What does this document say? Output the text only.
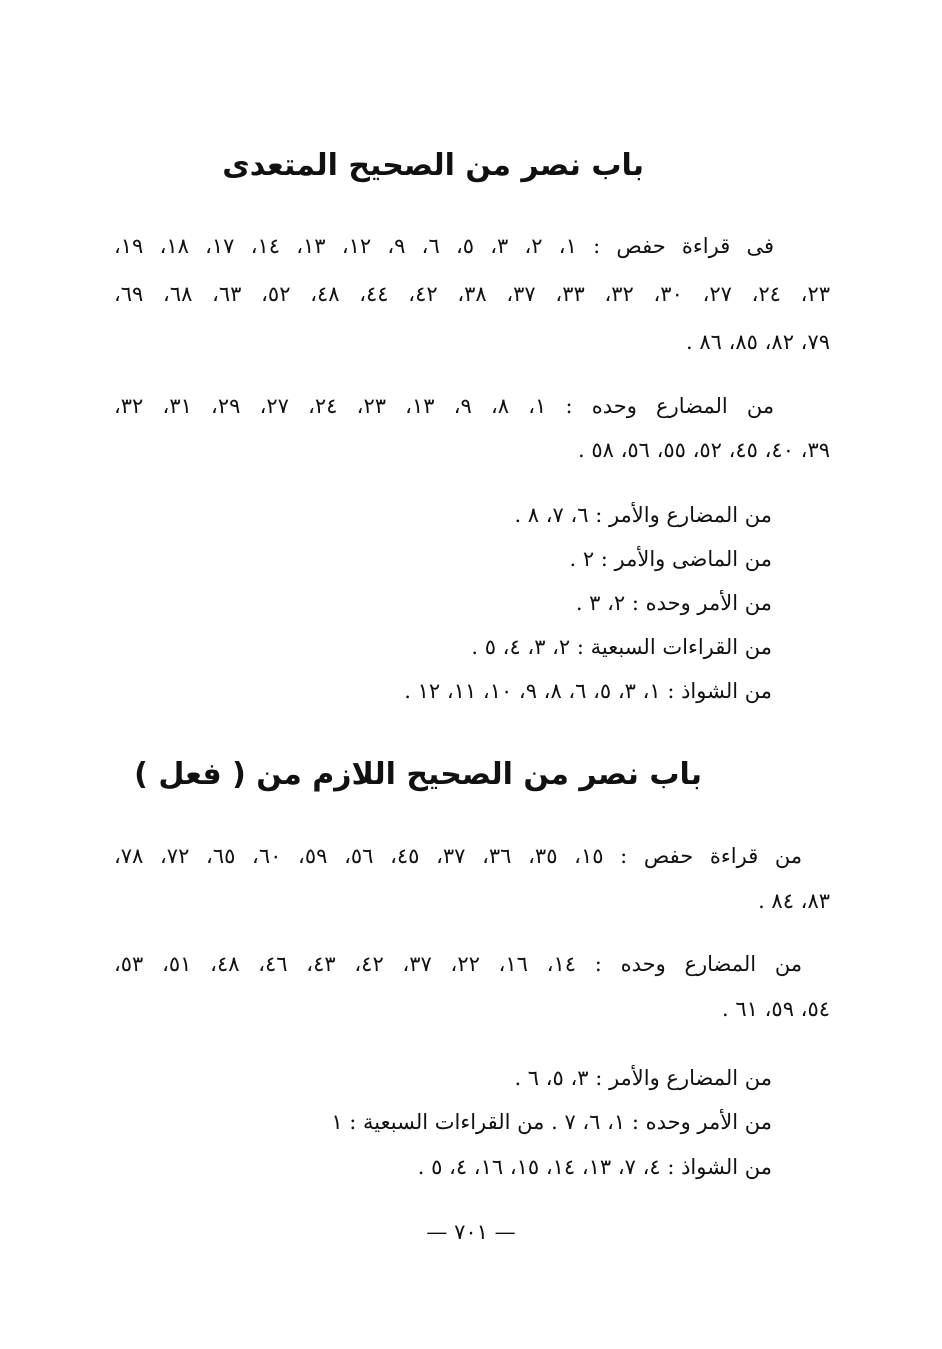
باب نصر من الصحيح المتعدى
فى قراءة حفص : ١، ٢، ٣، ٥، ٦، ٩، ١٢، ١٣، ١٤، ١٧، ١٨، ١٩،
٢٣، ٢٤، ٢٧، ٣٠، ٣٢، ٣٣، ٣٧، ٣٨، ٤٢، ٤٤، ٤٨، ٥٢، ٦٣، ٦٨، ٦٩،
٧٩، ٨٢، ٨٥، ٨٦ .
من المضارع وحده : ١، ٨، ٩، ١٣، ٢٣، ٢٤، ٢٧، ٢٩، ٣١، ٣٢،
٣٩، ٤٠، ٤٥، ٥٢، ٥٥، ٥٦، ٥٨ .
من المضارع والأمر : ٦، ٧، ٨ .
من الماضى والأمر : ٢ .
من الأمر وحده : ٢، ٣ .
من القراءات السبعية : ٢، ٣، ٤، ٥ .
من الشواذ : ١، ٣، ٥، ٦، ٨، ٩، ١٠، ١١، ١٢ .
باب نصر من الصحيح اللازم من ( فعل )
من قراءة حفص : ١٥، ٣٥، ٣٦، ٣٧، ٤٥، ٥٦، ٥٩، ٦٠، ٦٥، ٧٢، ٧٨،
٨٣، ٨٤ .
من المضارع وحده : ١٤، ١٦، ٢٢، ٣٧، ٤٢، ٤٣، ٤٦، ٤٨، ٥١، ٥٣،
٥٤، ٥٩، ٦١ .
من المضارع والأمر : ٣، ٥، ٦ .
من الأمر وحده : ١، ٦، ٧ . من القراءات السبعية : ١
من الشواذ : ٤، ٧، ١٣، ١٤، ١٥، ١٦، ٤، ٥ .
— ٧٠١ —
